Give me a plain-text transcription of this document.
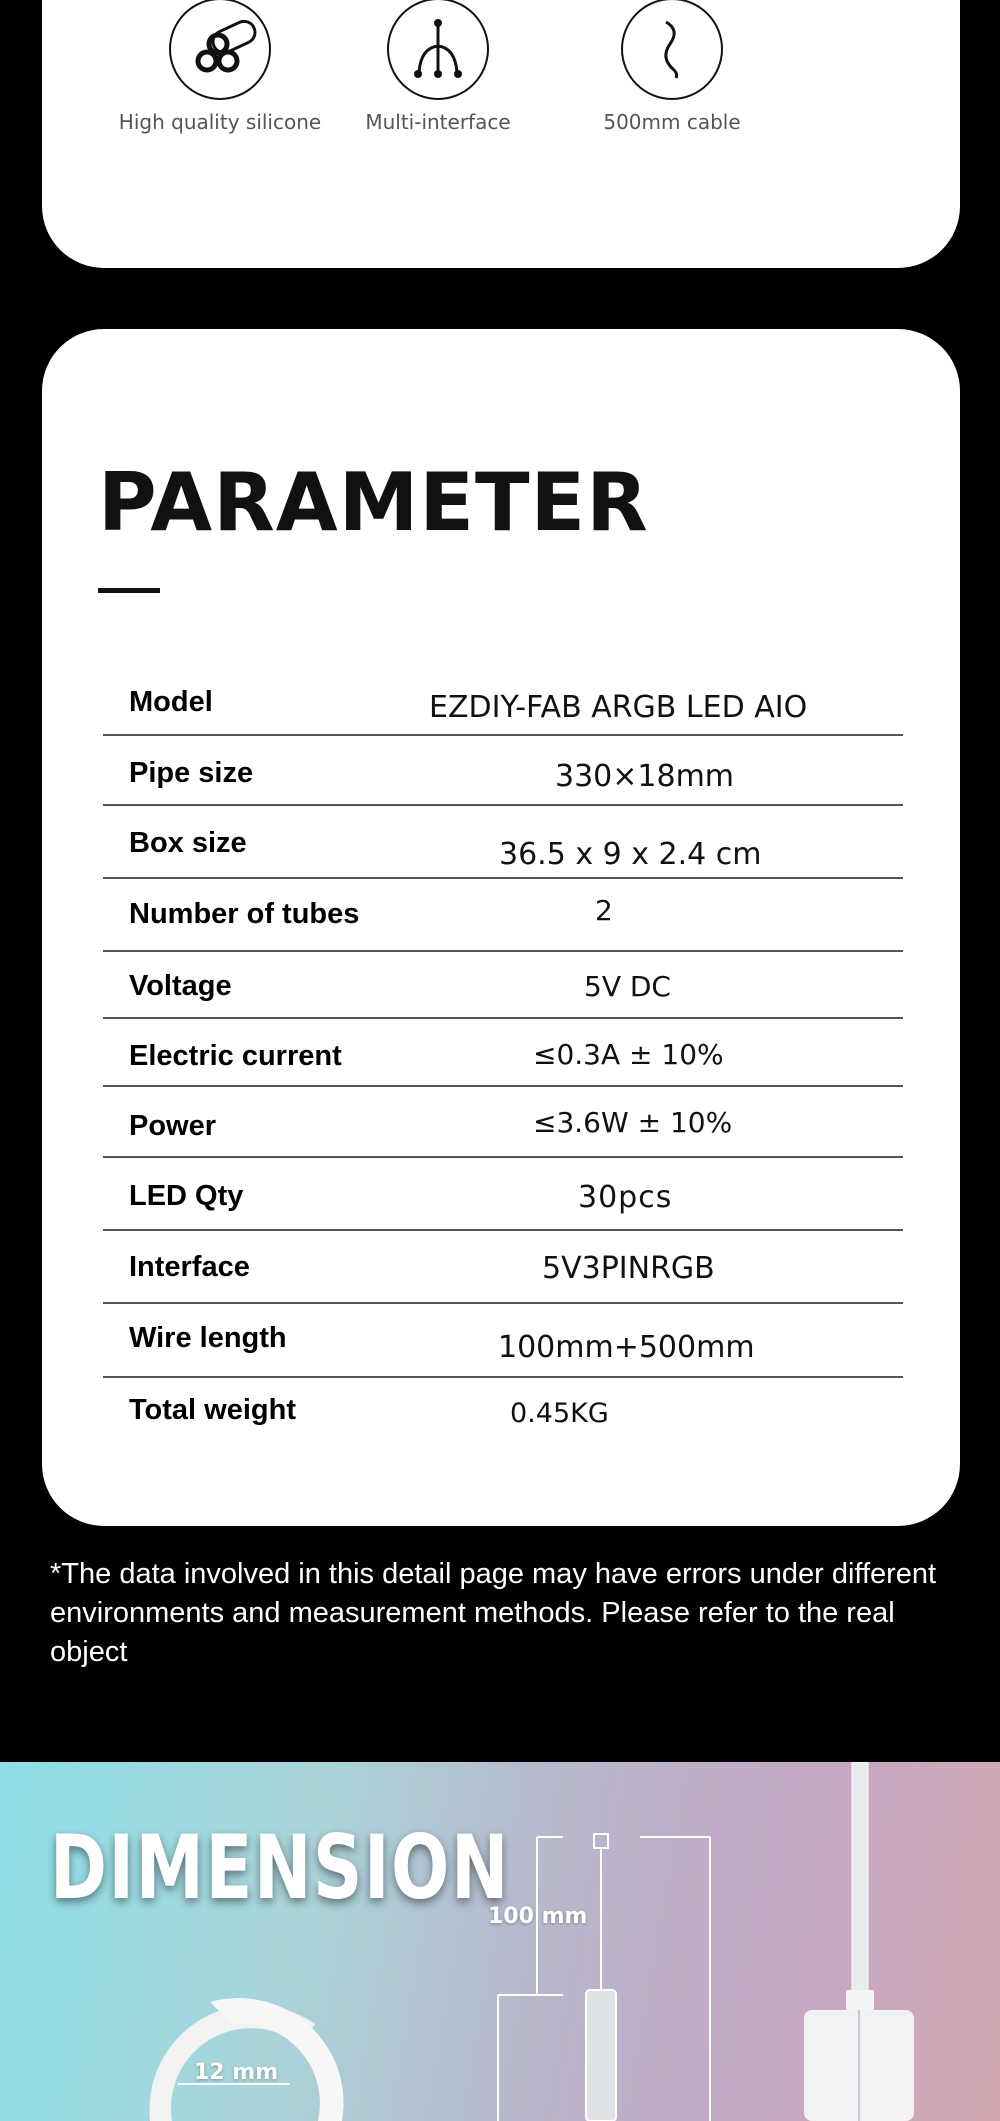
High quality silicone	Multi-interface	500mm cable
PARAMETER
Model	EZDIY-FAB ARGB LED AIO
Pipe size	330×18mm
Box size	36.5 x 9 x 2.4 cm
Number of tubes	2
Voltage	5V DC
Electric current	≤0.3A ± 10%
Power	≤3.6W ± 10%
LED Qty	30pcs
Interface	5V3PINRGB
Wire length	100mm+500mm
Total weight	0.45KG

*The data involved in this detail page may have errors under different environments and measurement methods. Please refer to the real object

DIMENSION
100 mm
12 mm
